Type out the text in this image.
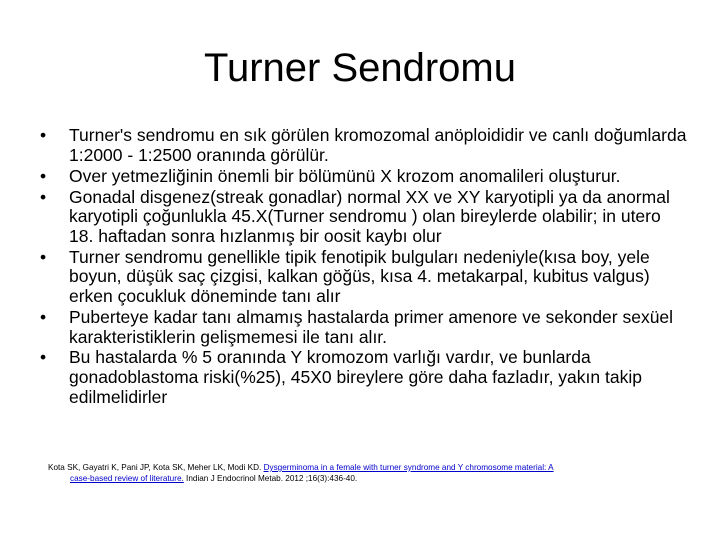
Turner Sendromu
• Turner's sendromu en sık görülen kromozomal anöploididir ve canlı doğumlarda 1:2000 - 1:2500 oranında görülür.
• Over yetmezliğinin önemli bir bölümünü X krozom anomalileri oluşturur.
• Gonadal disgenez(streak gonadlar) normal XX ve XY karyotipli ya da anormal karyotipli çoğunlukla 45.X(Turner sendromu ) olan bireylerde olabilir; in utero 18. haftadan sonra hızlanmış bir oosit kaybı olur
• Turner sendromu genellikle tipik fenotipik bulguları nedeniyle(kısa boy, yele boyun, düşük saç çizgisi, kalkan göğüs, kısa 4. metakarpal, kubitus valgus) erken çocukluk döneminde tanı alır
• Puberteye kadar tanı almamış hastalarda primer amenore ve sekonder sexüel karakteristiklerin gelişmemesi ile tanı alır.
• Bu hastalarda % 5 oranında Y kromozom varlığı vardır, ve bunlarda gonadoblastoma riski(%25), 45X0 bireylere göre daha fazladır, yakın takip edilmelidirler

Kota SK, Gayatri K, Pani JP, Kota SK, Meher LK, Modi KD. Dysgerminoma in a female with turner syndrome and Y chromosome material: A
case-based review of literature. Indian J Endocrinol Metab. 2012 ;16(3):436-40.
